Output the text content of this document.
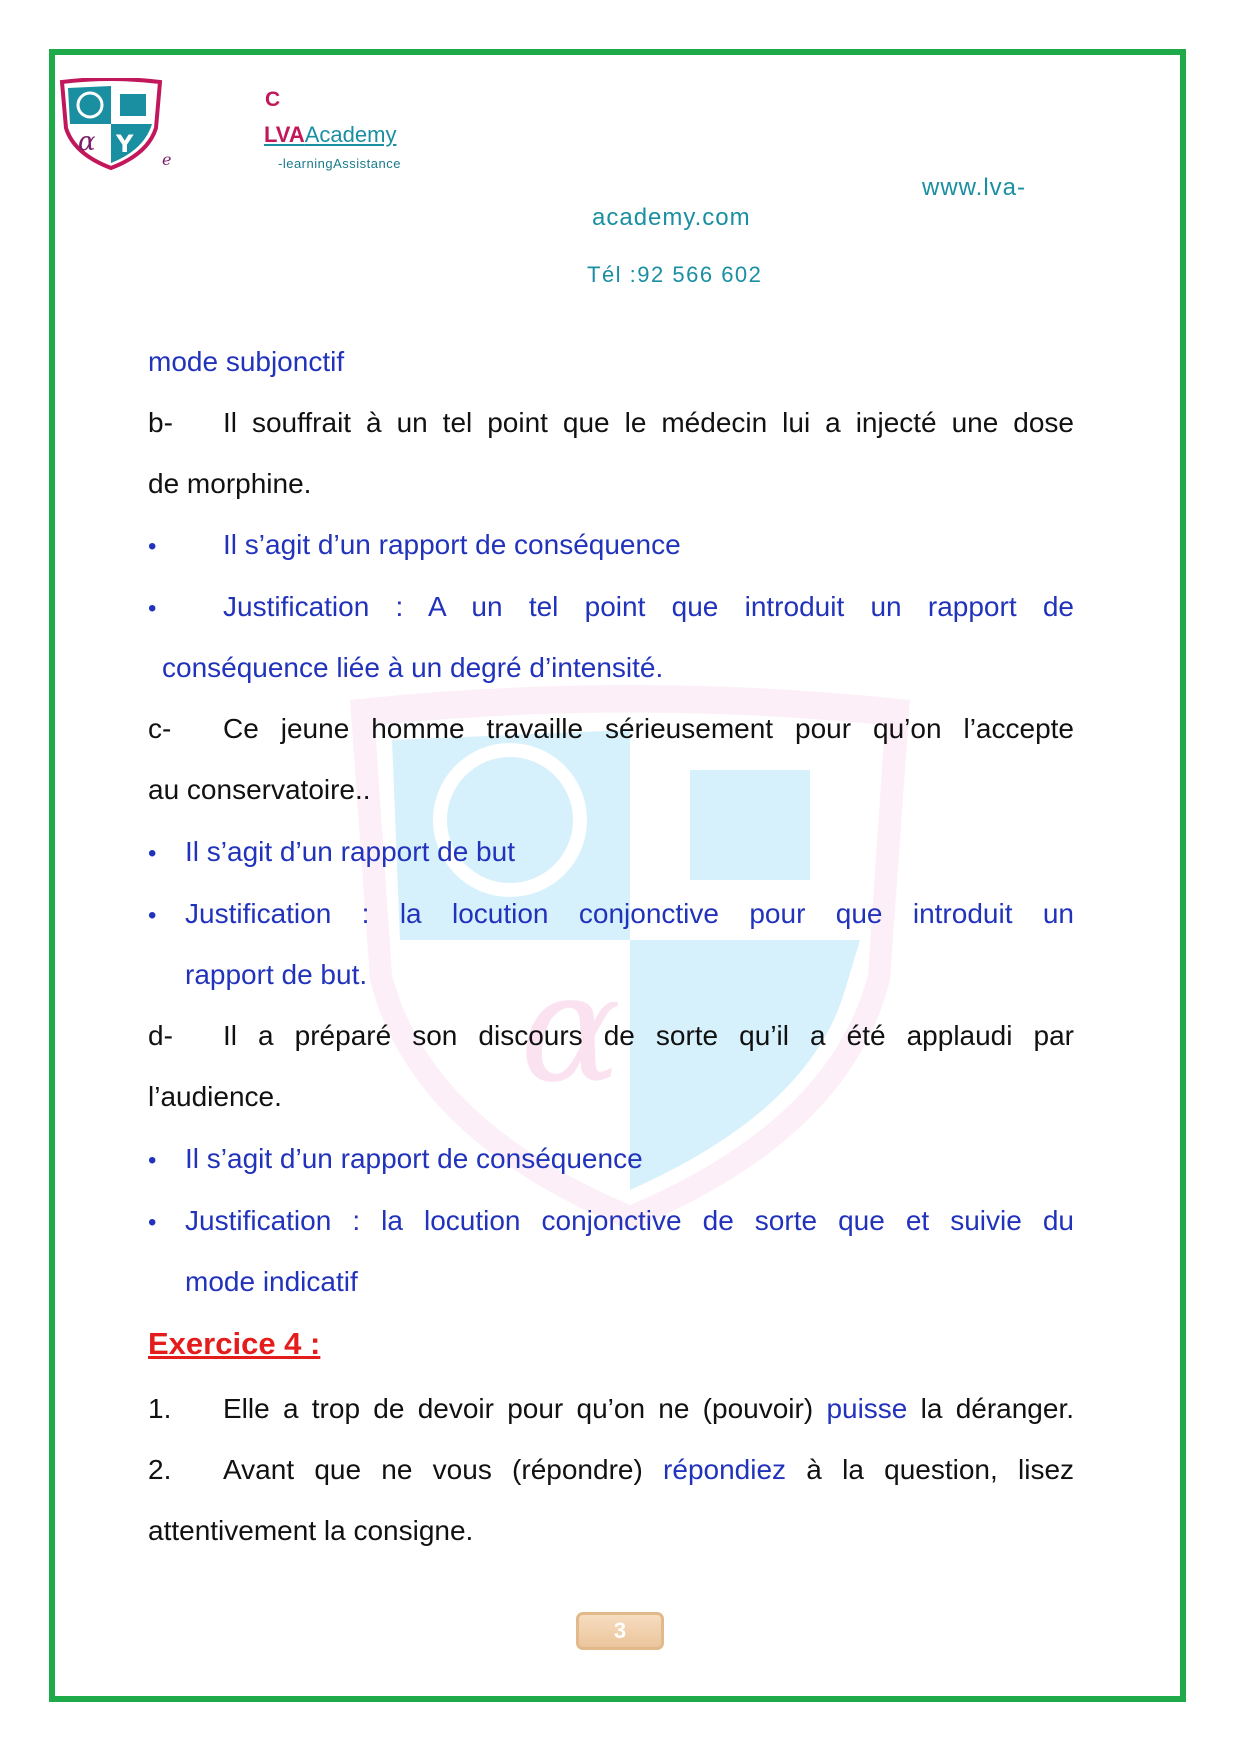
α Y
α Y
e
C
LVAAcademy
-learningAssistance
www.lva-
academy.com
Tél :92 566 602

mode subjonctif

b- Il souffrait à un tel point que le médecin lui a injecté une dose

de morphine.

• Il s’agit d’un rapport de conséquence

• Justification : A un tel point que introduit un rapport de

conséquence liée à un degré d’intensité.

c- Ce jeune homme travaille sérieusement pour qu’on l’accepte

au conservatoire..

• Il s’agit d’un rapport de but

• Justification : la locution conjonctive pour que introduit un

rapport de but.

d- Il a préparé son discours de sorte qu’il a été applaudi par

l’audience.

• Il s’agit d’un rapport de conséquence

• Justification : la locution conjonctive de sorte que et suivie du

mode indicatif

Exercice 4 :

1. Elle a trop de devoir pour qu’on ne (pouvoir) puisse la déranger.

2. Avant que ne vous (répondre) répondiez à la question, lisez

attentivement la consigne.

3
